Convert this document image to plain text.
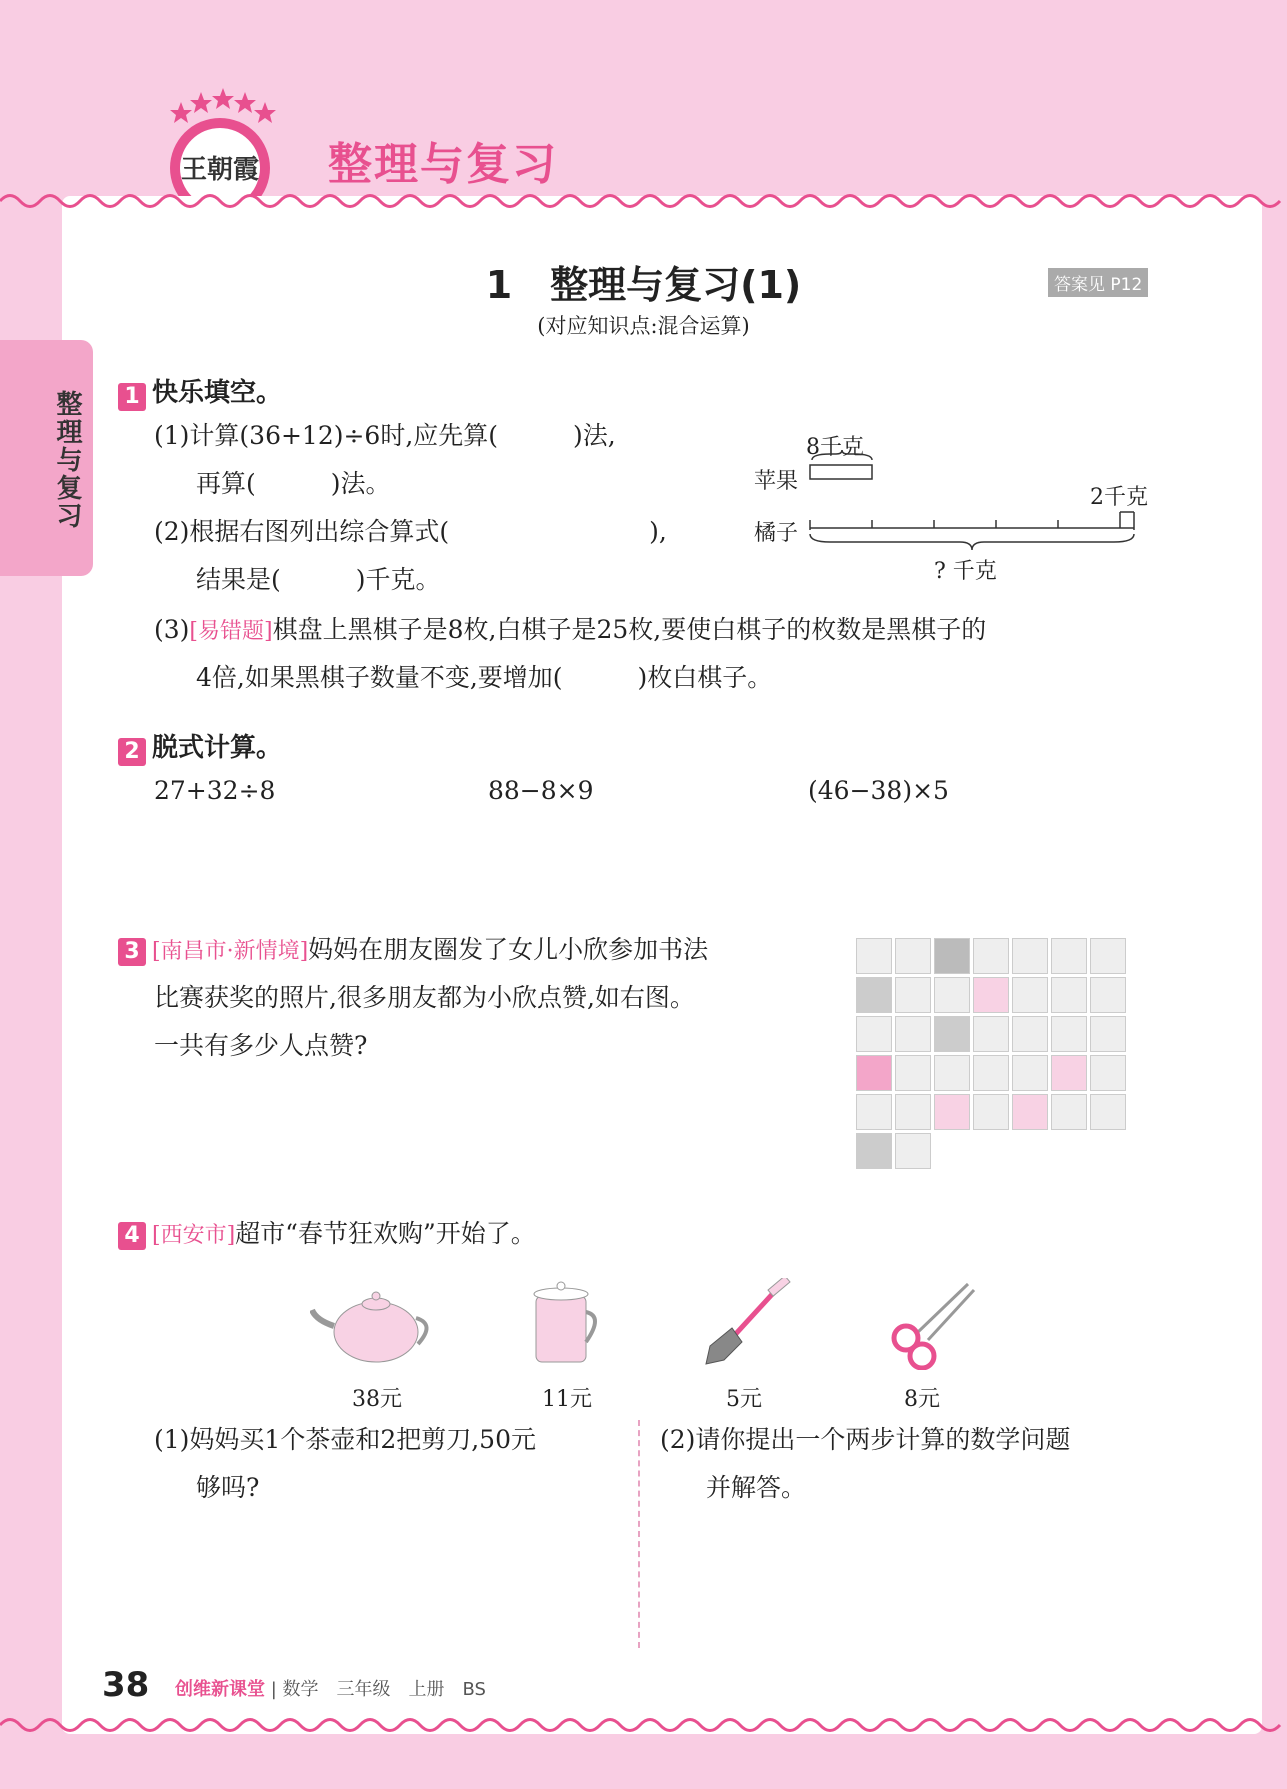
王朝霞 整理与复习
整理与复习
1　整理与复习(1)
(对应知识点:混合运算)
答案见 P12
1 快乐填空。
(1)计算(36+12)÷6时,应先算(　　　)法,
再算(　　　)法。
(2)根据右图列出综合算式(　　　　　　　　),
结果是(　　　)千克。
8千克
苹果
2千克
橘子
? 千克
(3)[易错题]棋盘上黑棋子是8枚,白棋子是25枚,要使白棋子的枚数是黑棋子的
4倍,如果黑棋子数量不变,要增加(　　　)枚白棋子。
2 脱式计算。
27+32÷8	88−8×9	(46−38)×5
3 [南昌市·新情境]妈妈在朋友圈发了女儿小欣参加书法
比赛获奖的照片,很多朋友都为小欣点赞,如右图。
一共有多少人点赞?
4 [西安市]超市“春节狂欢购”开始了。
38元	11元	5元	8元
(1)妈妈买1个茶壶和2把剪刀,50元
够吗?
(2)请你提出一个两步计算的数学问题
并解答。
38 创维新课堂 | 数学　三年级　上册　BS
